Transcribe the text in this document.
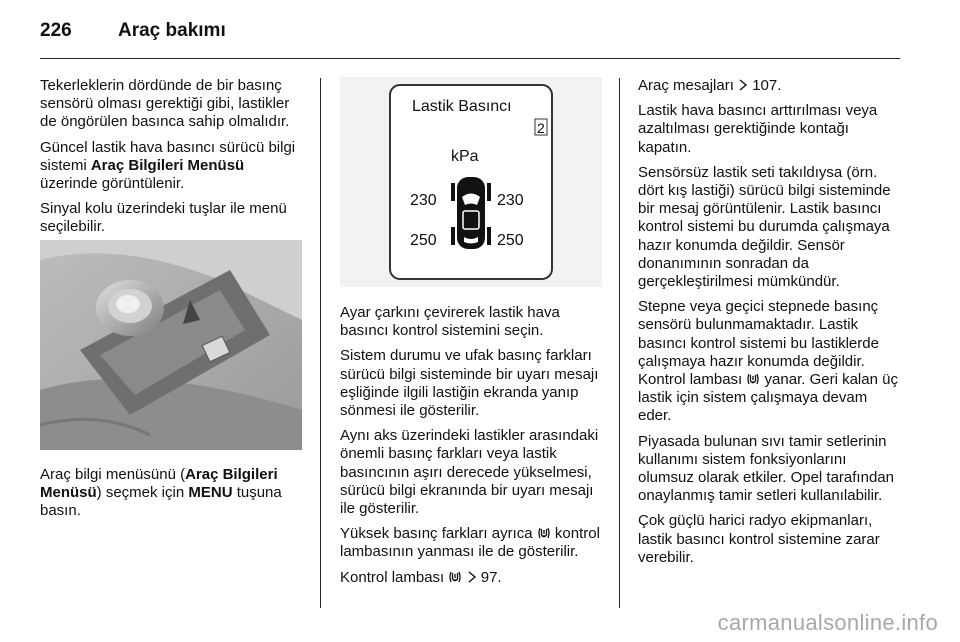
226 Araç bakımı

Tekerleklerin dördünde de bir basınç sensörü olması gerektiği gibi, lastikler de öngörülen basınca sahip olmalıdır.

Güncel lastik hava basıncı sürücü bilgi sistemi Araç Bilgileri Menüsü üzerinde görüntülenir.

Sinyal kolu üzerindeki tuşlar ile menü seçilebilir.

Araç bilgi menüsünü (Araç Bilgileri Menüsü) seçmek için MENU tuşuna basın.

Lastik Basıncı
2
kPa
230	230
250	250

Ayar çarkını çevirerek lastik hava basıncı kontrol sistemini seçin.

Sistem durumu ve ufak basınç farkları sürücü bilgi sisteminde bir uyarı mesajı eşliğinde ilgili lastiğin ekranda yanıp sönmesi ile gösterilir.

Aynı aks üzerindeki lastikler arasındaki önemli basınç farkları veya lastik basıncının aşırı derecede yükselmesi, sürücü bilgi ekranında bir uyarı mesajı ile gösterilir.

Yüksek basınç farkları ayrıca  kontrol lambasının yanması ile de gösterilir.

Kontrol lambası   97.

Araç mesajları  107.

Lastik hava basıncı arttırılması veya azaltılması gerektiğinde kontağı kapatın.

Sensörsüz lastik seti takıldıysa (örn. dört kış lastiği) sürücü bilgi sisteminde bir mesaj görüntülenir. Lastik basıncı kontrol sistemi bu durumda çalışmaya hazır konumda değildir. Sensör donanımının sonradan da gerçekleştirilmesi mümkündür.

Stepne veya geçici stepnede basınç sensörü bulunmamaktadır. Lastik basıncı kontrol sistemi bu lastiklerde çalışmaya hazır konumda değildir. Kontrol lambası  yanar. Geri kalan üç lastik için sistem çalışmaya devam eder.

Piyasada bulunan sıvı tamir setlerinin kullanımı sistem fonksiyonlarını olumsuz olarak etkiler. Opel tarafından onaylanmış tamir setleri kullanılabilir.

Çok güçlü harici radyo ekipmanları, lastik basıncı kontrol sistemine zarar verebilir.

carmanualsonline.info
